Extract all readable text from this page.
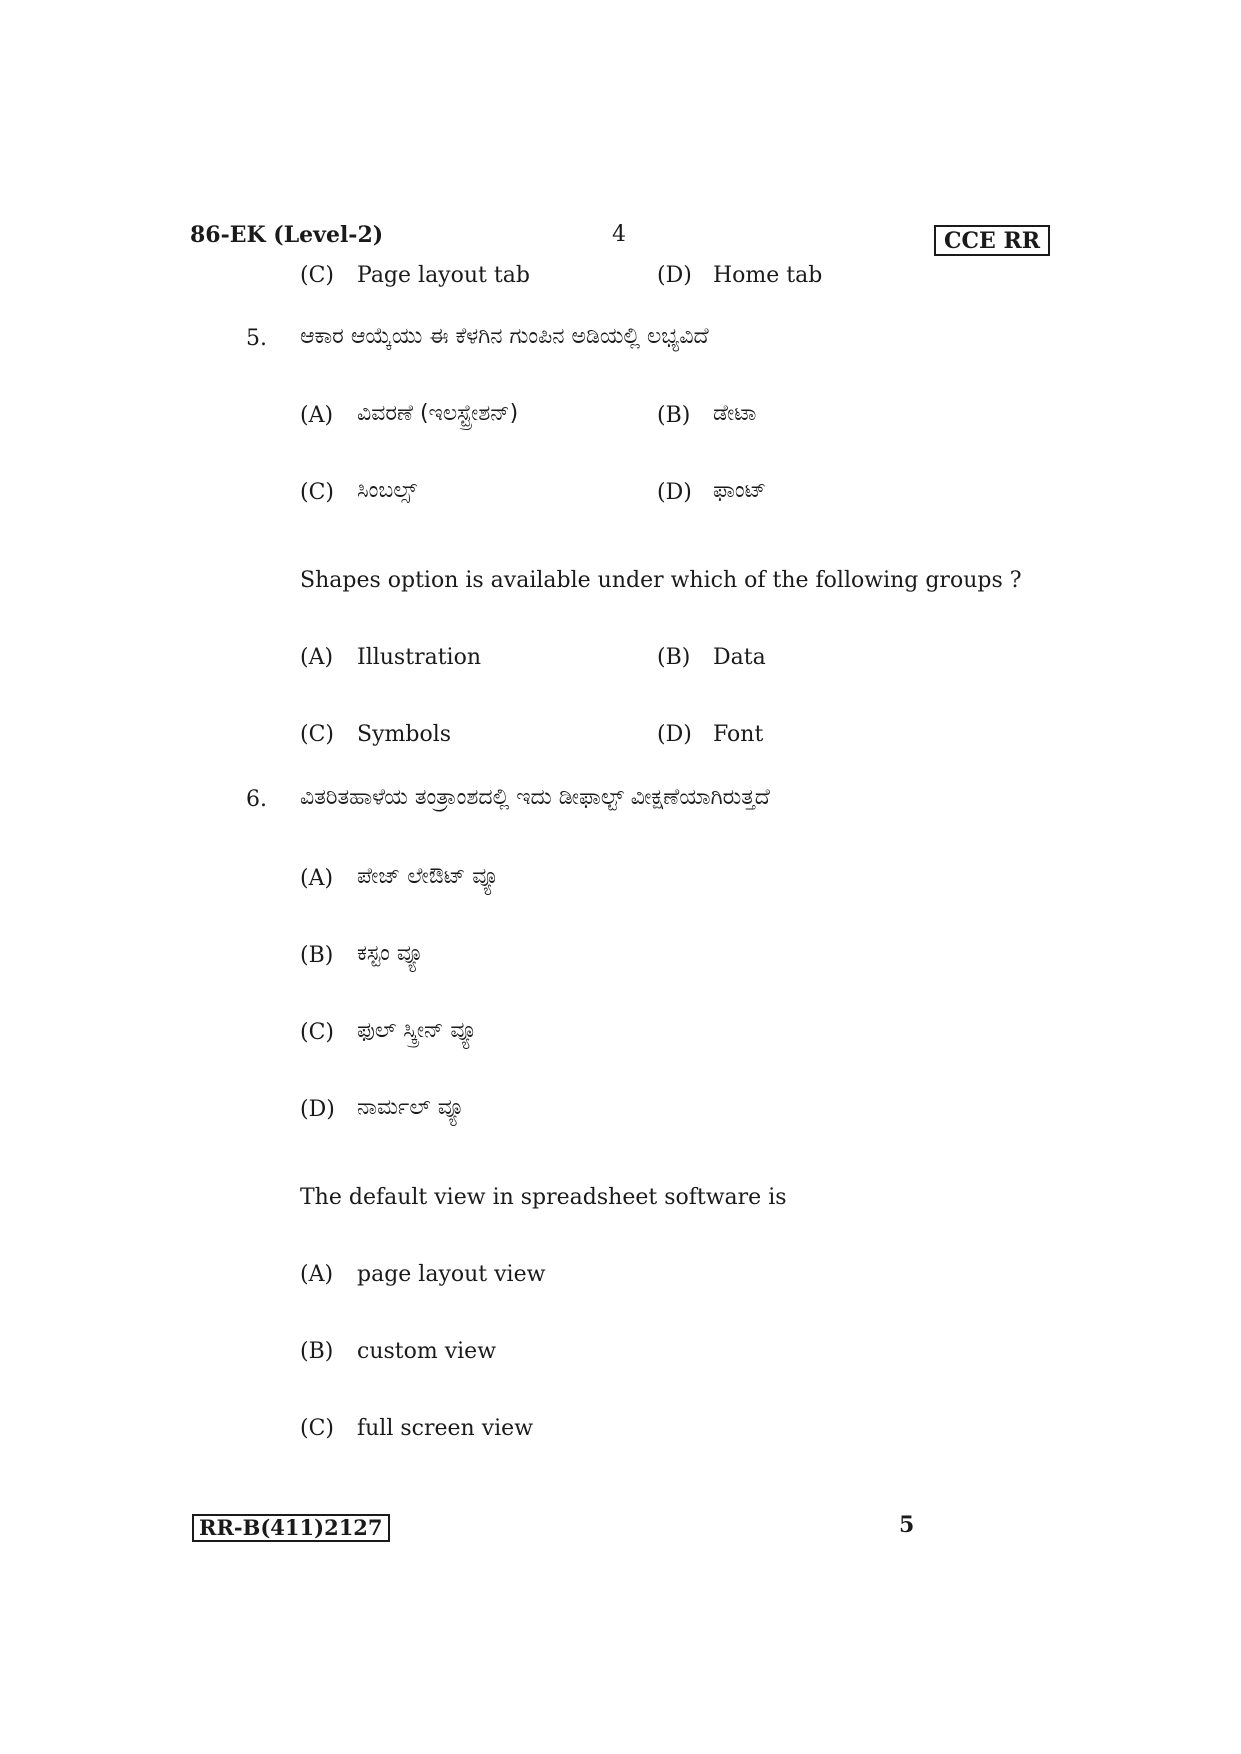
86-EK (Level-2)	4	CCE RR
(C) Page layout tab	(D) Home tab
5. ಆಕಾರ ಆಯ್ಕೆಯು ಈ ಕೆಳಗಿನ ಗುಂಪಿನ ಅಡಿಯಲ್ಲಿ ಲಭ್ಯವಿದೆ
(A) ವಿವರಣೆ (ಇಲಸ್ಟ್ರೇಶನ್)	(B) ಡೇಟಾ
(C) ಸಿಂಬಲ್ಸ್	(D) ಫಾಂಟ್
Shapes option is available under which of the following groups ?
(A) Illustration	(B) Data
(C) Symbols	(D) Font
6. ವಿತರಿತಹಾಳೆಯ ತಂತ್ರಾಂಶದಲ್ಲಿ ಇದು ಡೀಫಾಲ್ಟ್ ವೀಕ್ಷಣೆಯಾಗಿರುತ್ತದೆ
(A) ಪೇಜ್ ಲೇಔಟ್ ವ್ಯೂ
(B) ಕಸ್ಟಂ ವ್ಯೂ
(C) ಫುಲ್ ಸ್ಕ್ರೀನ್ ವ್ಯೂ
(D) ನಾರ್ಮಲ್ ವ್ಯೂ
The default view in spreadsheet software is
(A) page layout view
(B) custom view
(C) full screen view
RR-B(411)2127	5
